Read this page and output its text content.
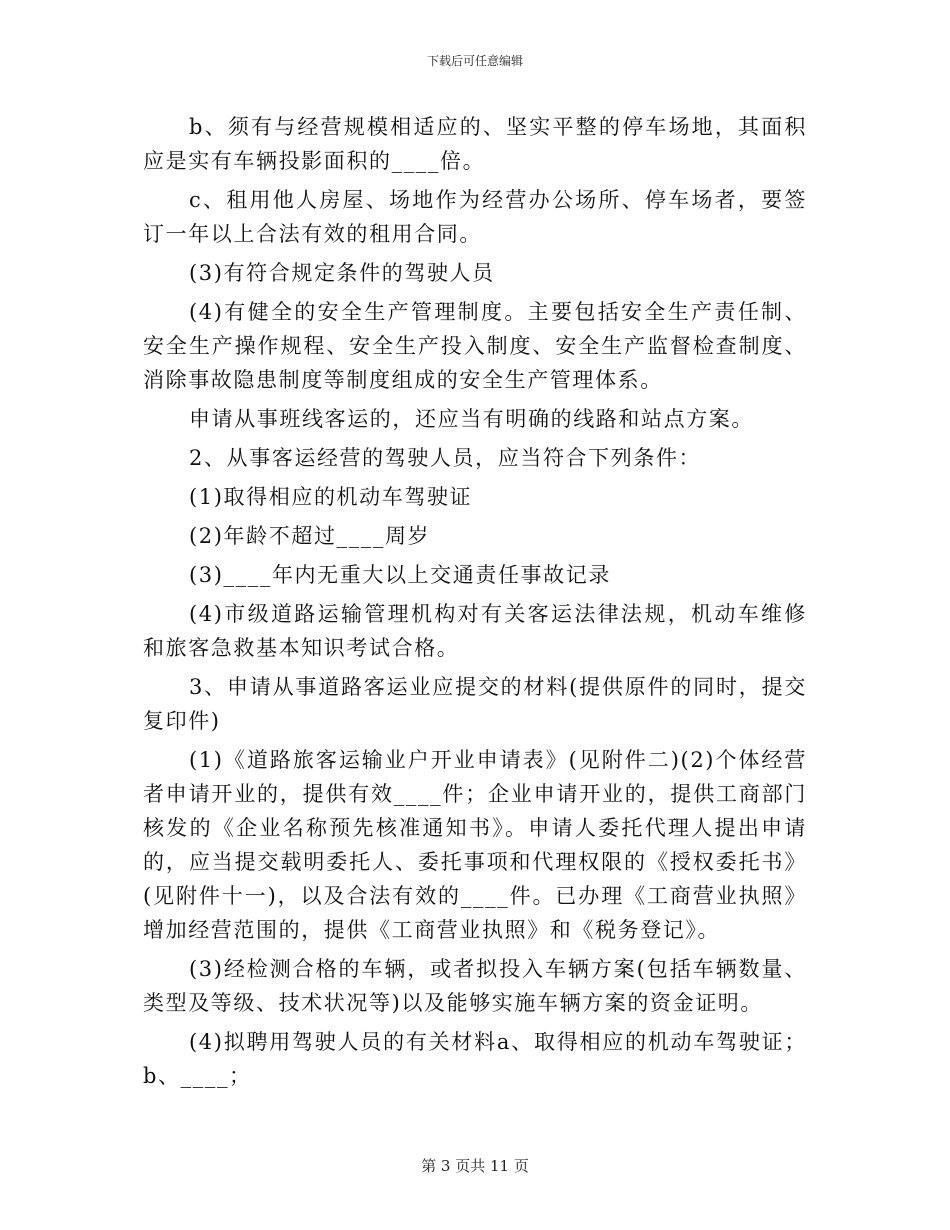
下载后可任意编辑

b、须有与经营规模相适应的、坚实平整的停车场地，其面积应是实有车辆投影面积的____倍。

c、租用他人房屋、场地作为经营办公场所、停车场者，要签订一年以上合法有效的租用合同。

(3)有符合规定条件的驾驶人员

(4)有健全的安全生产管理制度。主要包括安全生产责任制、安全生产操作规程、安全生产投入制度、安全生产监督检查制度、消除事故隐患制度等制度组成的安全生产管理体系。

申请从事班线客运的，还应当有明确的线路和站点方案。

2、从事客运经营的驾驶人员，应当符合下列条件：

(1)取得相应的机动车驾驶证

(2)年龄不超过____周岁

(3)____年内无重大以上交通责任事故记录

(4)市级道路运输管理机构对有关客运法律法规，机动车维修和旅客急救基本知识考试合格。

3、申请从事道路客运业应提交的材料(提供原件的同时，提交复印件)

(1)《道路旅客运输业户开业申请表》(见附件二)(2)个体经营者申请开业的，提供有效____件；企业申请开业的，提供工商部门核发的《企业名称预先核准通知书》。申请人委托代理人提出申请的，应当提交载明委托人、委托事项和代理权限的《授权委托书》(见附件十一)，以及合法有效的____件。已办理《工商营业执照》增加经营范围的，提供《工商营业执照》和《税务登记》。

(3)经检测合格的车辆，或者拟投入车辆方案(包括车辆数量、类型及等级、技术状况等)以及能够实施车辆方案的资金证明。

(4)拟聘用驾驶人员的有关材料a、取得相应的机动车驾驶证；b、____；

第 3 页共 11 页
